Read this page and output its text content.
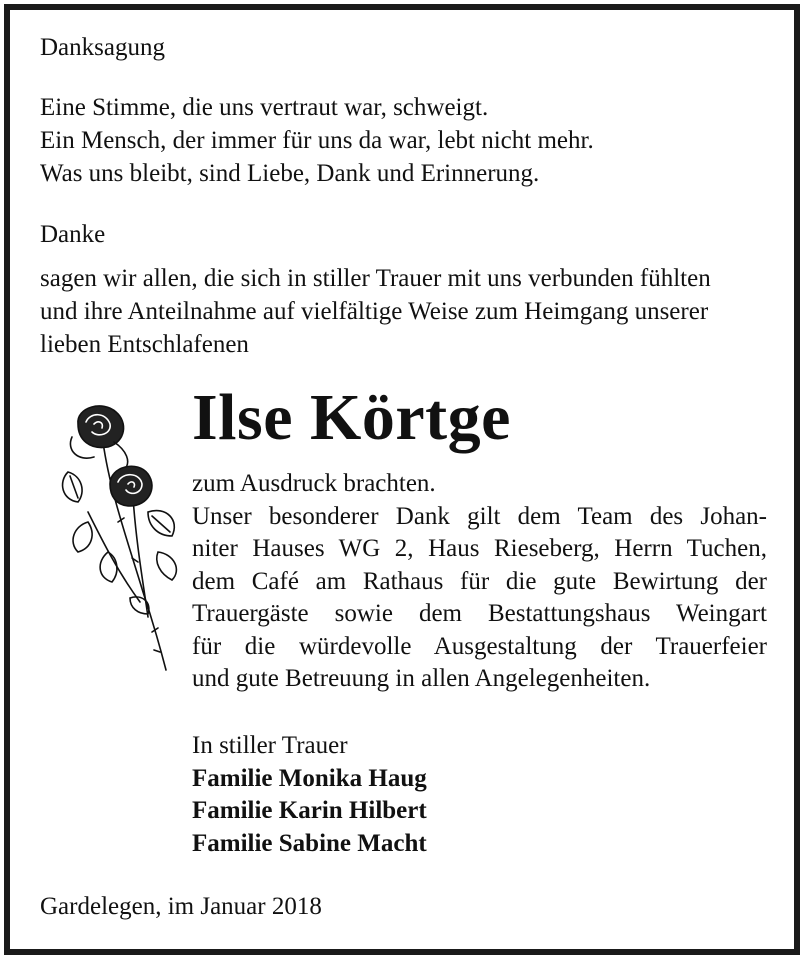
Danksagung
Eine Stimme, die uns vertraut war, schweigt.
Ein Mensch, der immer für uns da war, lebt nicht mehr.
Was uns bleibt, sind Liebe, Dank und Erinnerung.
Danke
sagen wir allen, die sich in stiller Trauer mit uns verbunden fühlten
und ihre Anteilnahme auf vielfältige Weise zum Heimgang unserer
lieben Entschlafenen
Ilse Körtge
zum Ausdruck brachten.
Unser besonderer Dank gilt dem Team des Johan-
niter Hauses WG 2, Haus Rieseberg, Herrn Tuchen,
dem Café am Rathaus für die gute Bewirtung der
Trauergäste sowie dem Bestattungshaus Weingart
für die würdevolle Ausgestaltung der Trauerfeier
und gute Betreuung in allen Angelegenheiten.
In stiller Trauer
Familie Monika Haug
Familie Karin Hilbert
Familie Sabine Macht
Gardelegen, im Januar 2018
